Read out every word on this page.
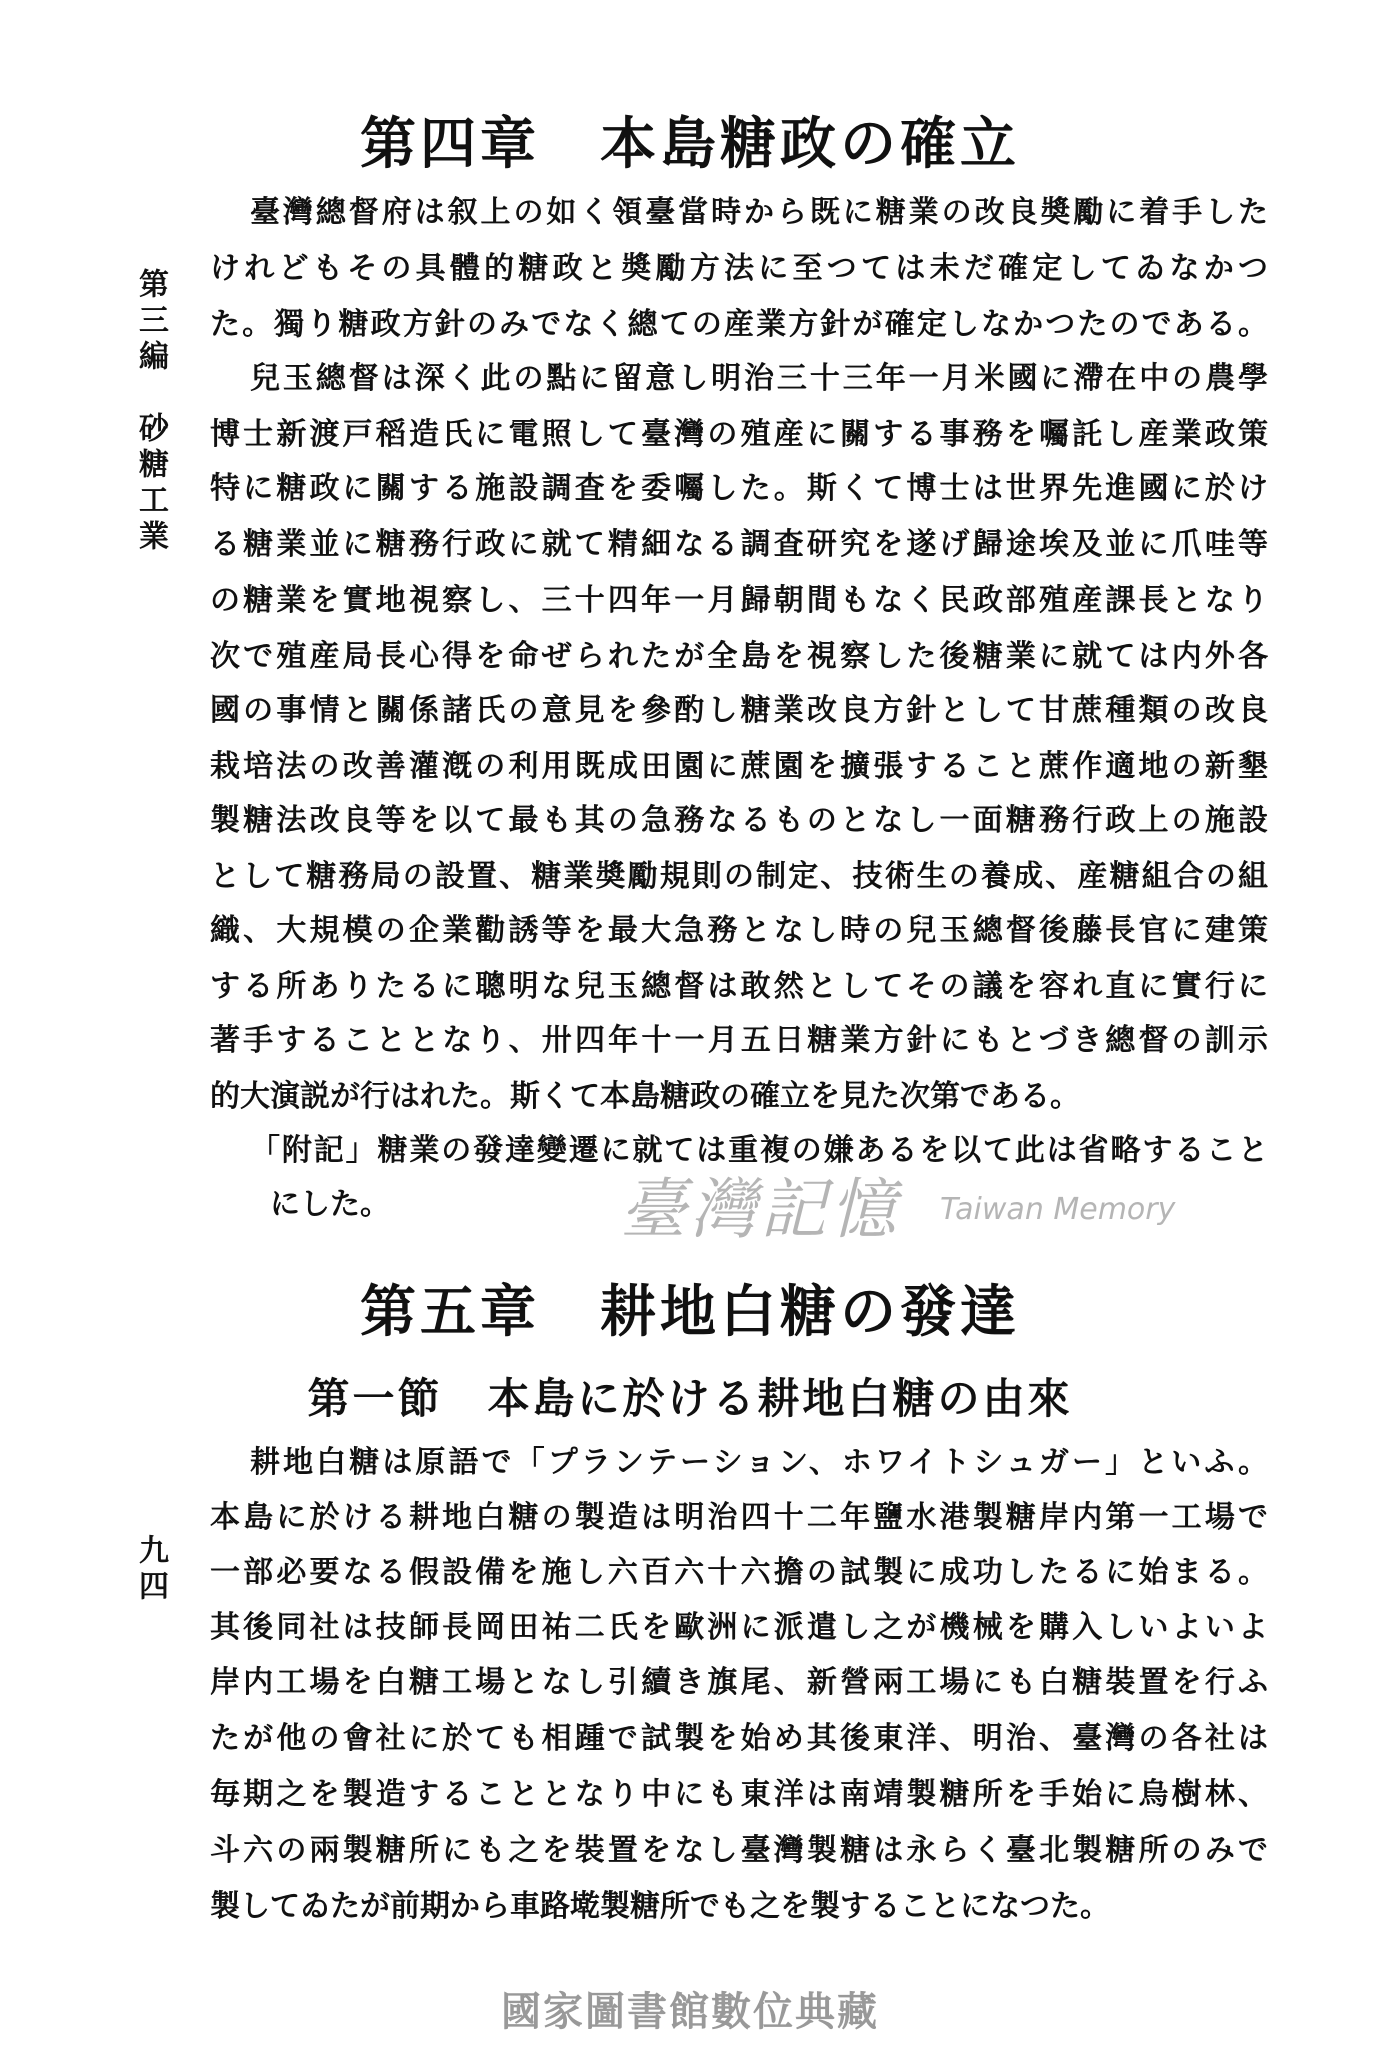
第四章　本島糖政の確立
第三編　砂糖工業
臺灣總督府は叙上の如く領臺當時から既に糖業の改良奬勵に着手した
けれどもその具體的糖政と奬勵方法に至つては未だ確定してゐなかつ
た。獨り糖政方針のみでなく總ての産業方針が確定しなかつたのである。
兒玉總督は深く此の點に留意し明治三十三年一月米國に滯在中の農學
博士新渡戸稻造氏に電照して臺灣の殖産に關する事務を囑託し産業政策
特に糖政に關する施設調査を委囑した。斯くて博士は世界先進國に於け
る糖業並に糖務行政に就て精細なる調査研究を遂げ歸途埃及並に爪哇等
の糖業を實地視察し、三十四年一月歸朝間もなく民政部殖産課長となり
次で殖産局長心得を命ぜられたが全島を視察した後糖業に就ては内外各
國の事情と關係諸氏の意見を參酌し糖業改良方針として甘蔗種類の改良
栽培法の改善灌漑の利用既成田園に蔗園を擴張すること蔗作適地の新墾
製糖法改良等を以て最も其の急務なるものとなし一面糖務行政上の施設
として糖務局の設置、糖業奬勵規則の制定、技術生の養成、産糖組合の組
織、大規模の企業勸誘等を最大急務となし時の兒玉總督後藤長官に建策
する所ありたるに聰明な兒玉總督は敢然としてその議を容れ直に實行に
著手することとなり、卅四年十一月五日糖業方針にもとづき總督の訓示
的大演説が行はれた。斯くて本島糖政の確立を見た次第である。
「附記」糖業の發達變遷に就ては重複の嫌あるを以て此は省略すること
にした。	臺灣記憶 Taiwan Memory
第五章　耕地白糖の發達
第一節　本島に於ける耕地白糖の由來
九四
耕地白糖は原語で「プランテーション、ホワイトシュガー」といふ。
本島に於ける耕地白糖の製造は明治四十二年鹽水港製糖岸内第一工場で
一部必要なる假設備を施し六百六十六擔の試製に成功したるに始まる。
其後同社は技師長岡田祐二氏を歐洲に派遣し之が機械を購入しいよいよ
岸内工場を白糖工場となし引續き旗尾、新營兩工場にも白糖裝置を行ふ
たが他の會社に於ても相踵で試製を始め其後東洋、明治、臺灣の各社は
毎期之を製造することとなり中にも東洋は南靖製糖所を手始に烏樹林、
斗六の兩製糖所にも之を裝置をなし臺灣製糖は永らく臺北製糖所のみで
製してゐたが前期から車路墘製糖所でも之を製することになつた。
國家圖書館數位典藏
